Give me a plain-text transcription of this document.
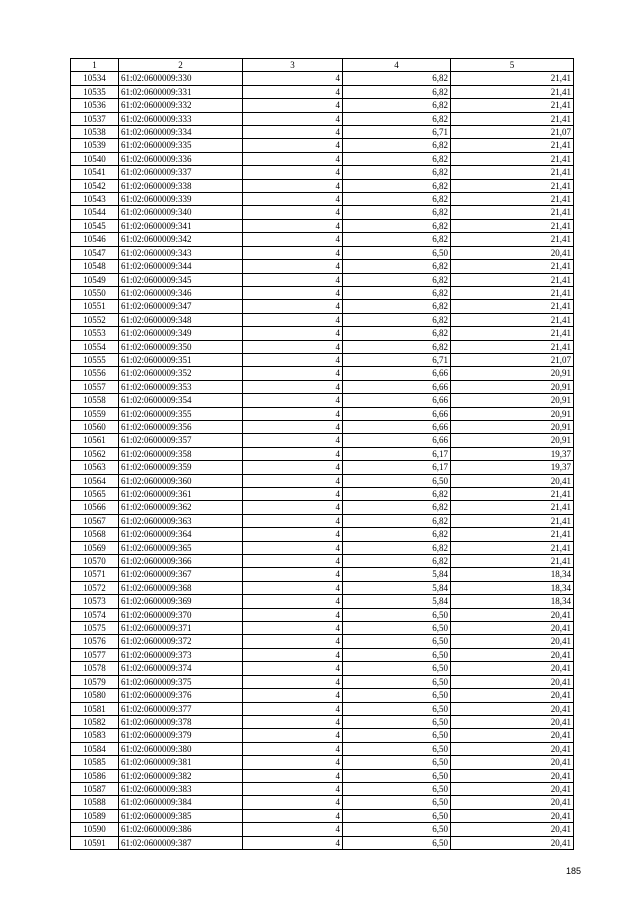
1	2	3	4	5
10534	61:02:0600009:330	4	6,82	21,41
10535	61:02:0600009:331	4	6,82	21,41
10536	61:02:0600009:332	4	6,82	21,41
10537	61:02:0600009:333	4	6,82	21,41
10538	61:02:0600009:334	4	6,71	21,07
10539	61:02:0600009:335	4	6,82	21,41
10540	61:02:0600009:336	4	6,82	21,41
10541	61:02:0600009:337	4	6,82	21,41
10542	61:02:0600009:338	4	6,82	21,41
10543	61:02:0600009:339	4	6,82	21,41
10544	61:02:0600009:340	4	6,82	21,41
10545	61:02:0600009:341	4	6,82	21,41
10546	61:02:0600009:342	4	6,82	21,41
10547	61:02:0600009:343	4	6,50	20,41
10548	61:02:0600009:344	4	6,82	21,41
10549	61:02:0600009:345	4	6,82	21,41
10550	61:02:0600009:346	4	6,82	21,41
10551	61:02:0600009:347	4	6,82	21,41
10552	61:02:0600009:348	4	6,82	21,41
10553	61:02:0600009:349	4	6,82	21,41
10554	61:02:0600009:350	4	6,82	21,41
10555	61:02:0600009:351	4	6,71	21,07
10556	61:02:0600009:352	4	6,66	20,91
10557	61:02:0600009:353	4	6,66	20,91
10558	61:02:0600009:354	4	6,66	20,91
10559	61:02:0600009:355	4	6,66	20,91
10560	61:02:0600009:356	4	6,66	20,91
10561	61:02:0600009:357	4	6,66	20,91
10562	61:02:0600009:358	4	6,17	19,37
10563	61:02:0600009:359	4	6,17	19,37
10564	61:02:0600009:360	4	6,50	20,41
10565	61:02:0600009:361	4	6,82	21,41
10566	61:02:0600009:362	4	6,82	21,41
10567	61:02:0600009:363	4	6,82	21,41
10568	61:02:0600009:364	4	6,82	21,41
10569	61:02:0600009:365	4	6,82	21,41
10570	61:02:0600009:366	4	6,82	21,41
10571	61:02:0600009:367	4	5,84	18,34
10572	61:02:0600009:368	4	5,84	18,34
10573	61:02:0600009:369	4	5,84	18,34
10574	61:02:0600009:370	4	6,50	20,41
10575	61:02:0600009:371	4	6,50	20,41
10576	61:02:0600009:372	4	6,50	20,41
10577	61:02:0600009:373	4	6,50	20,41
10578	61:02:0600009:374	4	6,50	20,41
10579	61:02:0600009:375	4	6,50	20,41
10580	61:02:0600009:376	4	6,50	20,41
10581	61:02:0600009:377	4	6,50	20,41
10582	61:02:0600009:378	4	6,50	20,41
10583	61:02:0600009:379	4	6,50	20,41
10584	61:02:0600009:380	4	6,50	20,41
10585	61:02:0600009:381	4	6,50	20,41
10586	61:02:0600009:382	4	6,50	20,41
10587	61:02:0600009:383	4	6,50	20,41
10588	61:02:0600009:384	4	6,50	20,41
10589	61:02:0600009:385	4	6,50	20,41
10590	61:02:0600009:386	4	6,50	20,41
10591	61:02:0600009:387	4	6,50	20,41
185
